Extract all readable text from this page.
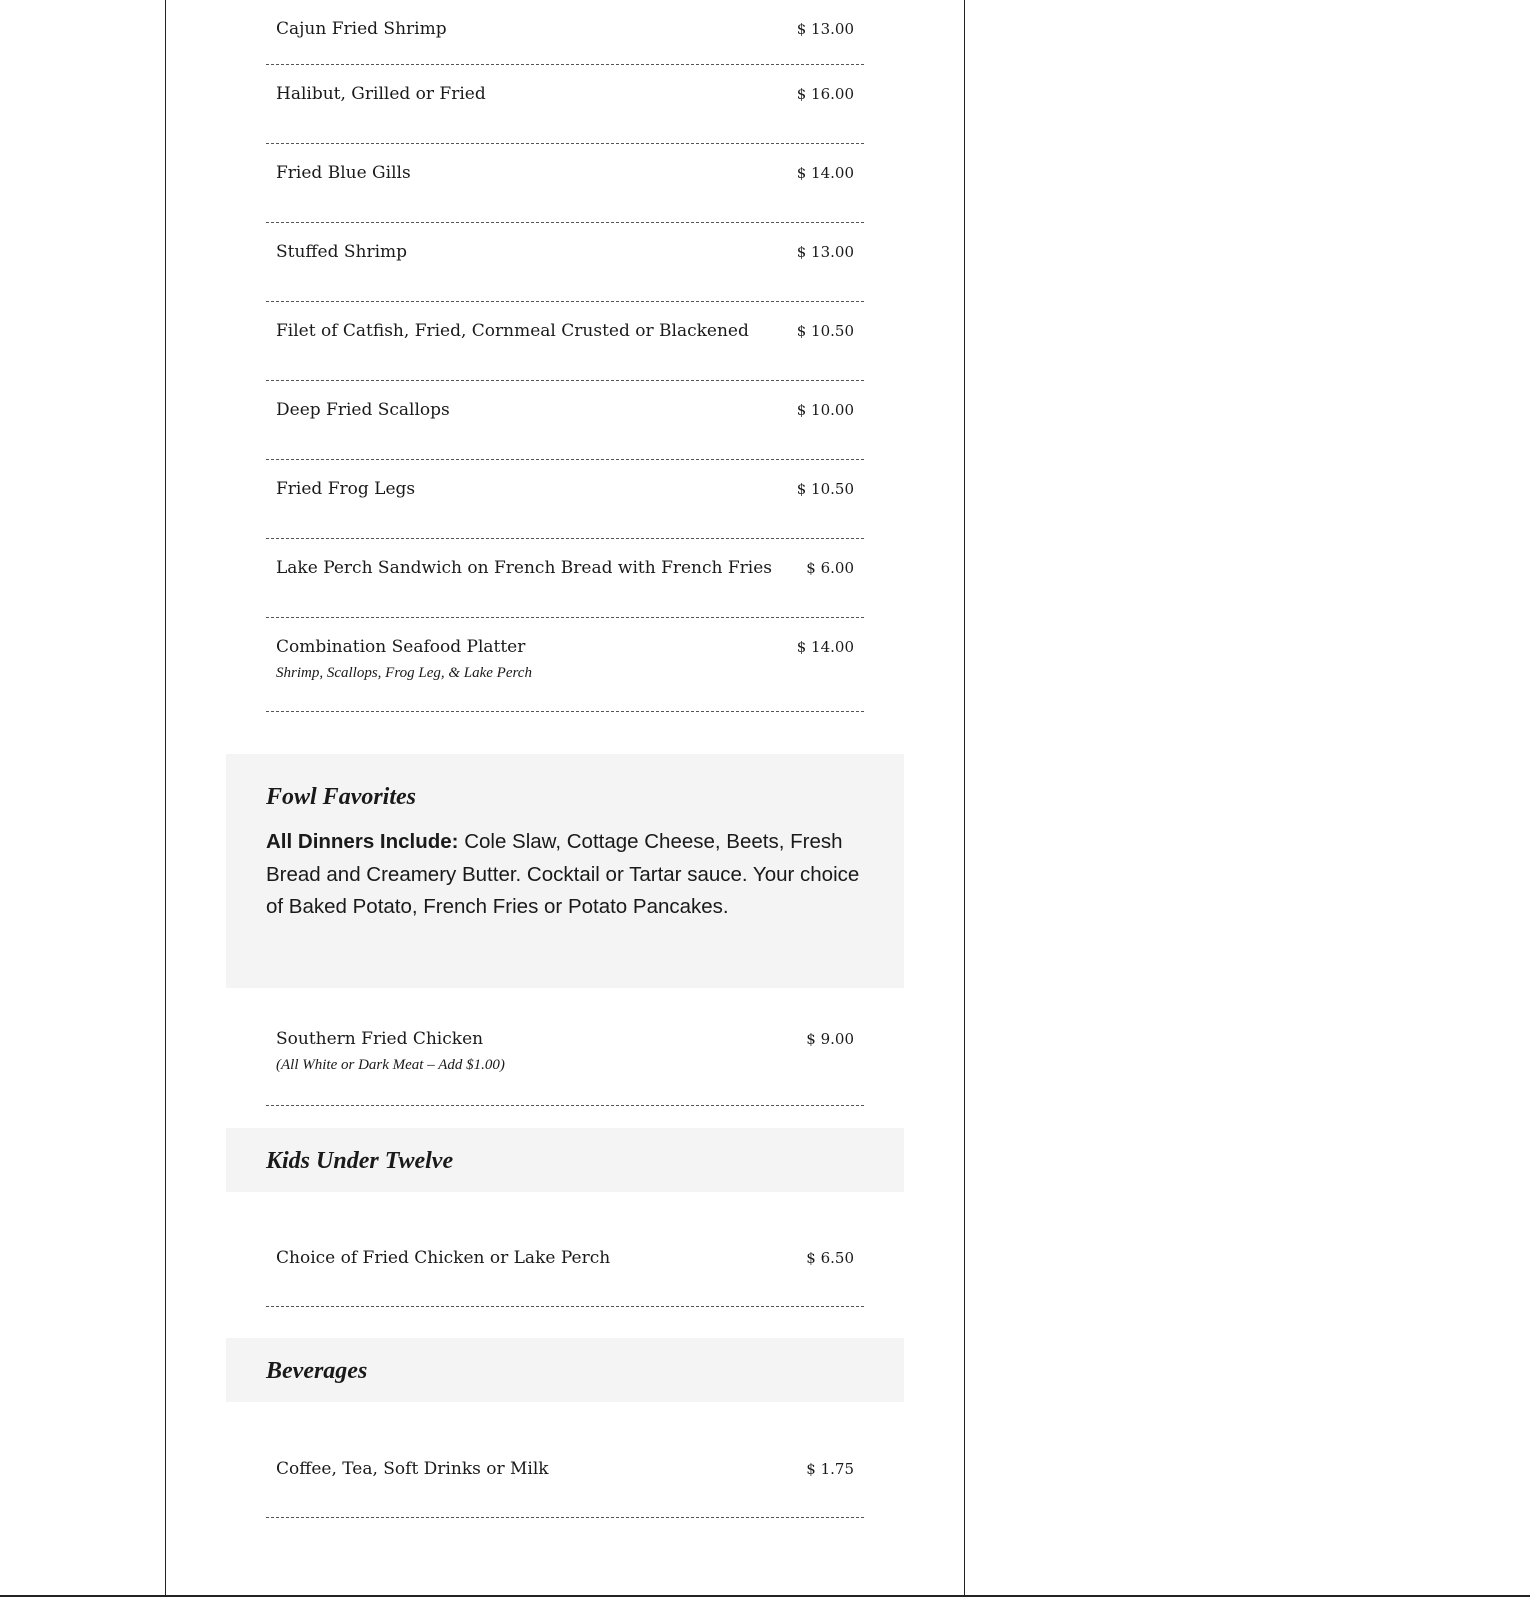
Cajun Fried Shrimp	$ 13.00
Halibut, Grilled or Fried	$ 16.00
Fried Blue Gills	$ 14.00
Stuffed Shrimp	$ 13.00
Filet of Catfish, Fried, Cornmeal Crusted or Blackened	$ 10.50
Deep Fried Scallops	$ 10.00
Fried Frog Legs	$ 10.50
Lake Perch Sandwich on French Bread with French Fries $ 6.00
Combination Seafood Platter	$ 14.00
Shrimp, Scallops, Frog Leg, & Lake Perch
Fowl Favorites

All Dinners Include: Cole Slaw, Cottage Cheese, Beets, Fresh Bread and Creamery Butter. Cocktail or Tartar sauce. Your choice of Baked Potato, French Fries or Potato Pancakes.

Southern Fried Chicken	$ 9.00
(All White or Dark Meat – Add $1.00)
Kids Under Twelve
Choice of Fried Chicken or Lake Perch	$ 6.50
Beverages
Coffee, Tea, Soft Drinks or Milk	$ 1.75
